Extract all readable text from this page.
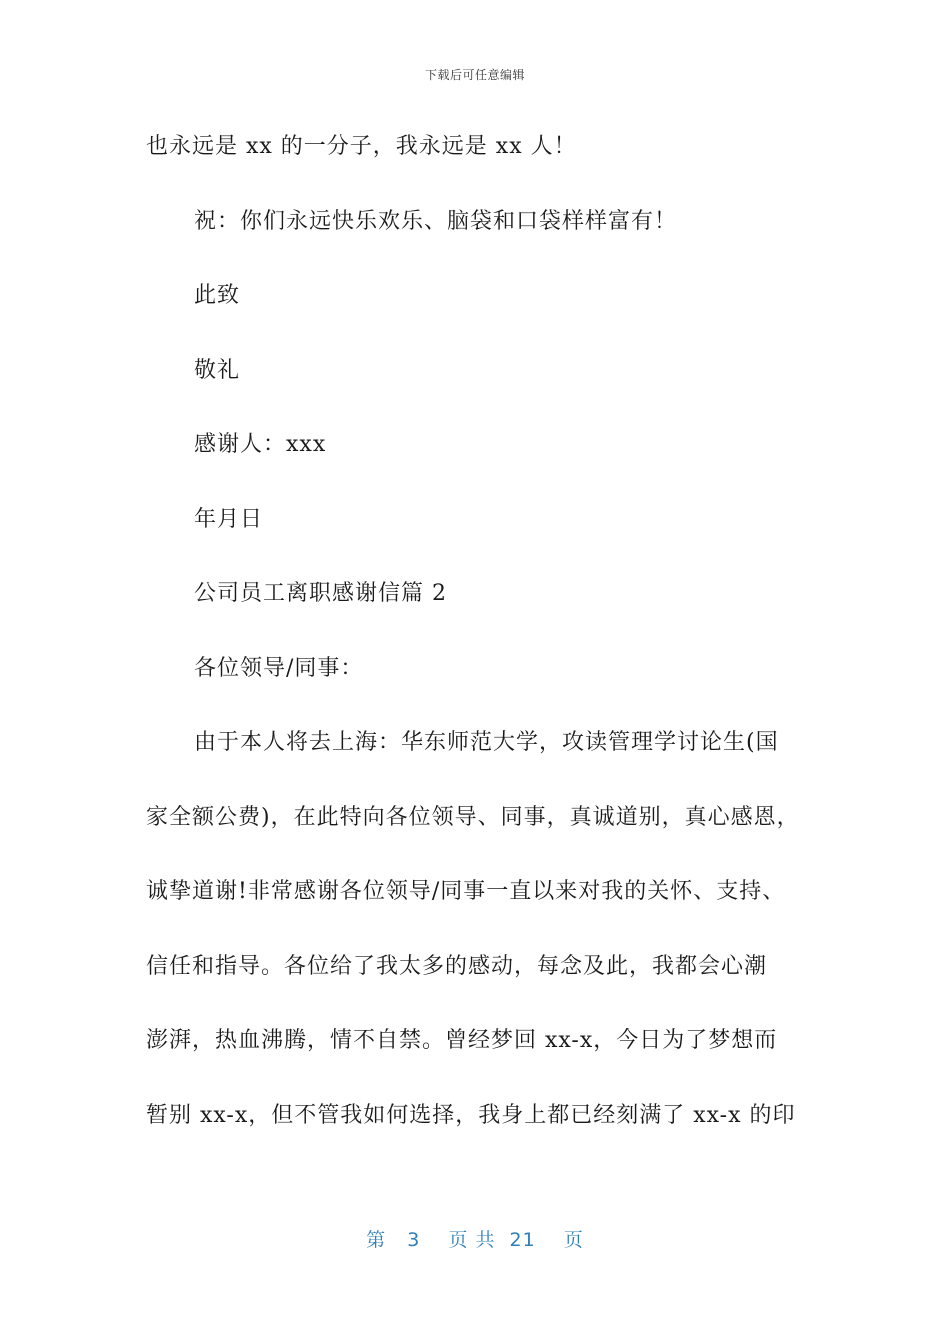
下载后可任意编辑
也永远是 xx 的一分子，我永远是 xx 人！
祝：你们永远快乐欢乐、脑袋和口袋样样富有！
此致
敬礼
感谢人：xxx
年月日
公司员工离职感谢信篇 2
各位领导/同事：
由于本人将去上海：华东师范大学，攻读管理学讨论生(国
家全额公费)，在此特向各位领导、同事，真诚道别，真心感恩，
诚挚道谢!非常感谢各位领导/同事一直以来对我的关怀、支持、
信任和指导。各位给了我太多的感动，每念及此，我都会心潮
澎湃，热血沸腾，情不自禁。曾经梦回 xx-x，今日为了梦想而
暂别 xx-x，但不管我如何选择，我身上都已经刻满了 xx-x 的印
第   3    页 共  21    页
